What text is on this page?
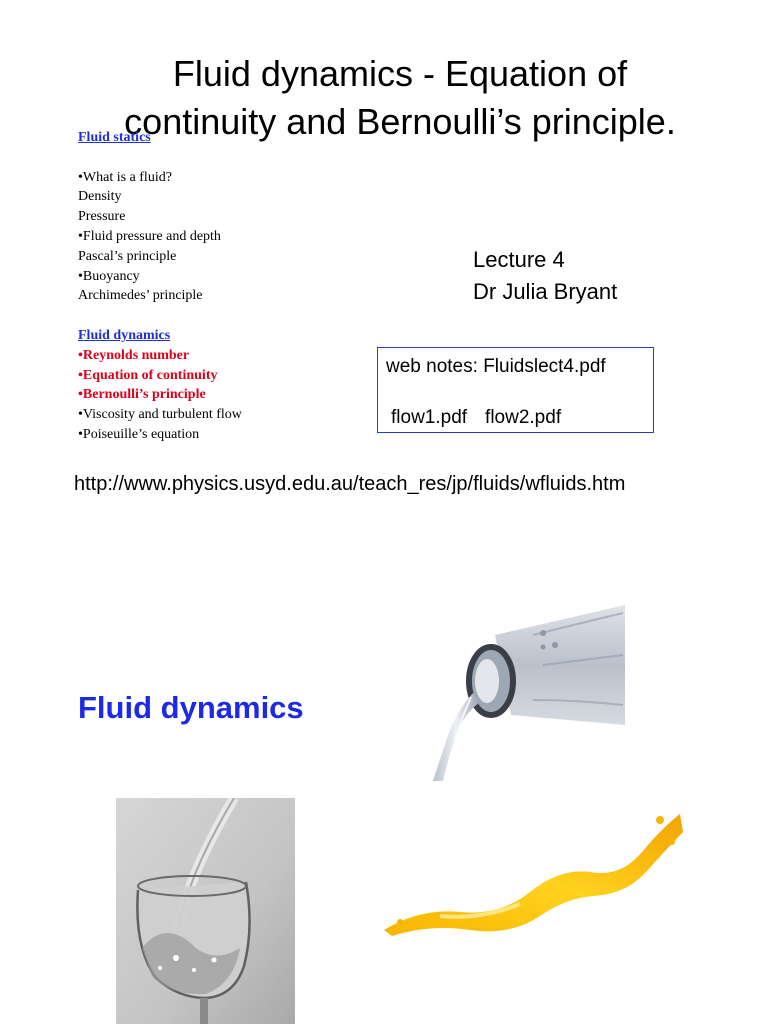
Fluid dynamics - Equation of continuity and Bernoulli’s principle.
Fluid statics
•What is a fluid?
Density
Pressure
•Fluid pressure and depth
Pascal’s principle
•Buoyancy
Archimedes’ principle
Fluid dynamics
•Reynolds number
•Equation of continuity
•Bernoulli’s principle
•Viscosity and turbulent flow
•Poiseuille’s equation
Lecture 4
Dr Julia Bryant
web notes: Fluidslect4.pdf
flow1.pdf flow2.pdf
http://www.physics.usyd.edu.au/teach_res/jp/fluids/wfluids.htm
Fluid dynamics
